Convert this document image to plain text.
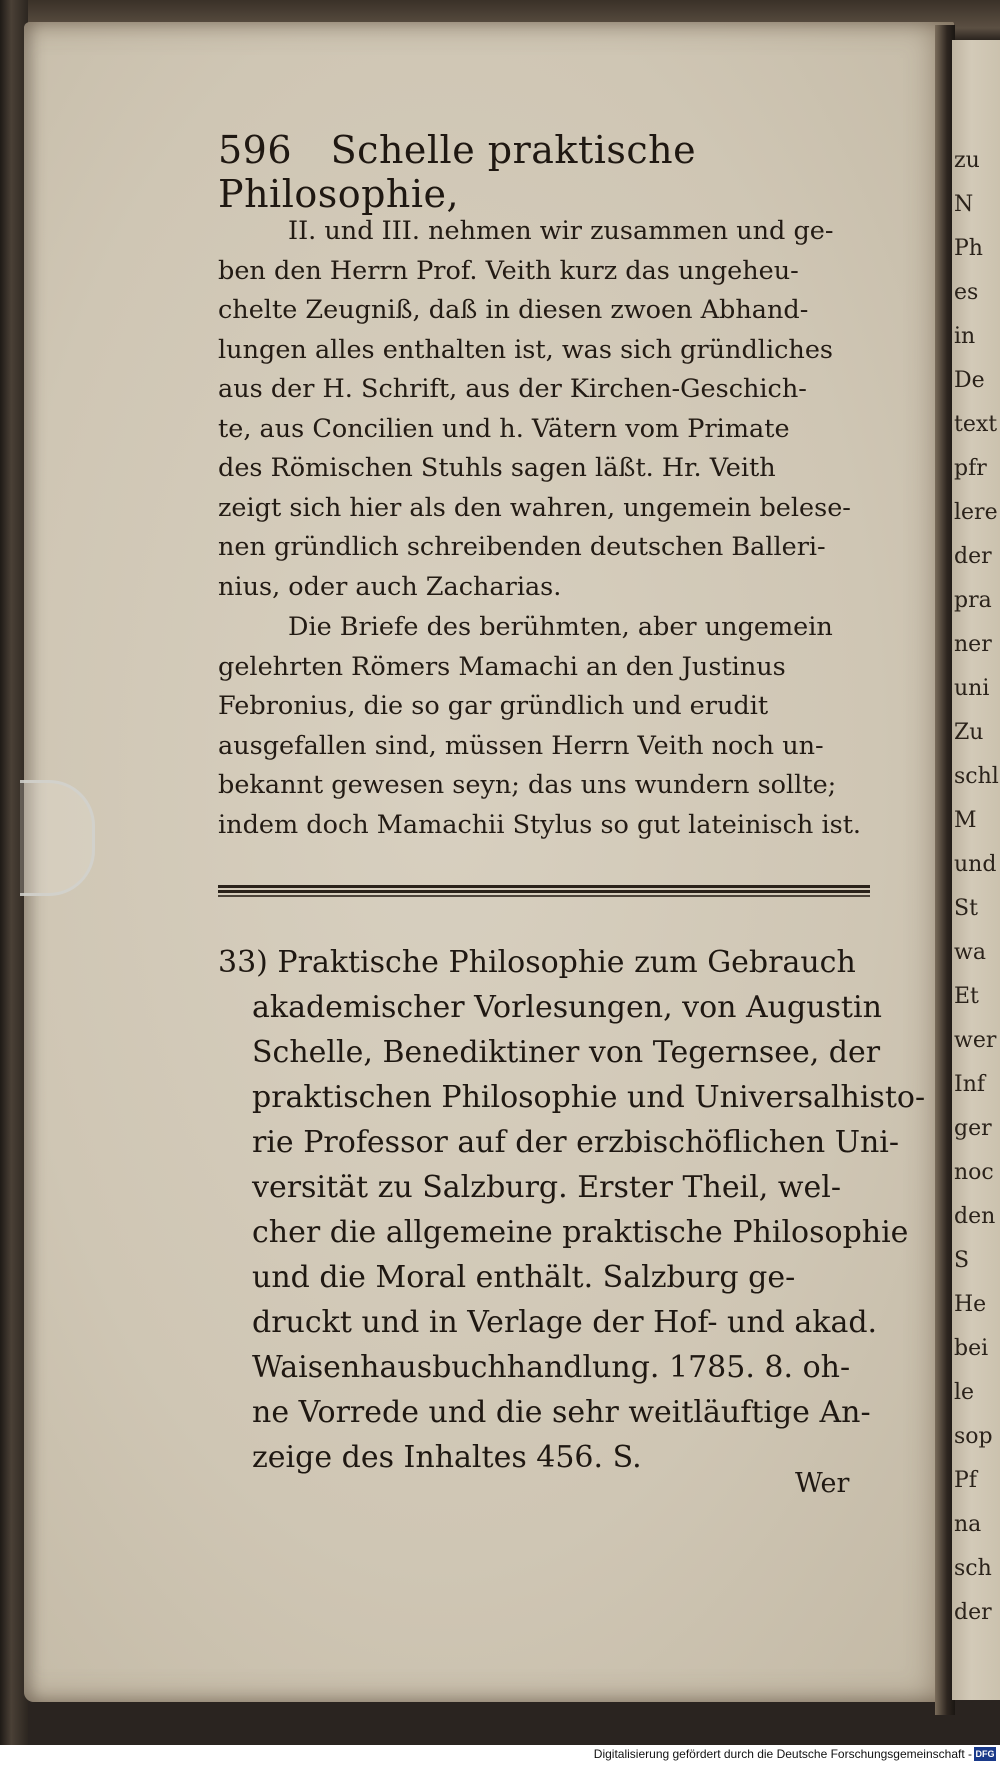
zu
N
Ph
es
in
De
text
pfr
lere
der
pra
ner
uni
Zu
schl
M
und
St
wa
Et
wer
Inf
ger
noc
den
S
He
bei
le
sop
Pf
na
sch
der
596 Schelle praktische Philosophie,
II. und III. nehmen wir zusammen und ge-
ben den Herrn Prof. Veith kurz das ungeheu-
chelte Zeugniß, daß in diesen zwoen Abhand-
lungen alles enthalten ist, was sich gründliches
aus der H. Schrift, aus der Kirchen-Geschich-
te, aus Concilien und h. Vätern vom Primate
des Römischen Stuhls sagen läßt. Hr. Veith
zeigt sich hier als den wahren, ungemein belese-
nen gründlich schreibenden deutschen Balleri-
nius, oder auch Zacharias.
Die Briefe des berühmten, aber ungemein
gelehrten Römers Mamachi an den Justinus
Febronius, die so gar gründlich und erudit
ausgefallen sind, müssen Herrn Veith noch un-
bekannt gewesen seyn; das uns wundern sollte;
indem doch Mamachii Stylus so gut lateinisch ist.
33) Praktische Philosophie zum Gebrauch
akademischer Vorlesungen, von Augustin
Schelle, Benediktiner von Tegernsee, der
praktischen Philosophie und Universalhisto-
rie Professor auf der erzbischöflichen Uni-
versität zu Salzburg. Erster Theil, wel-
cher die allgemeine praktische Philosophie
und die Moral enthält. Salzburg ge-
druckt und in Verlage der Hof- und akad.
Waisenhausbuchhandlung. 1785. 8. oh-
ne Vorrede und die sehr weitläuftige An-
zeige des Inhaltes 456. S.
Wer
Digitalisierung gefördert durch die Deutsche Forschungsgemeinschaft - DFG
